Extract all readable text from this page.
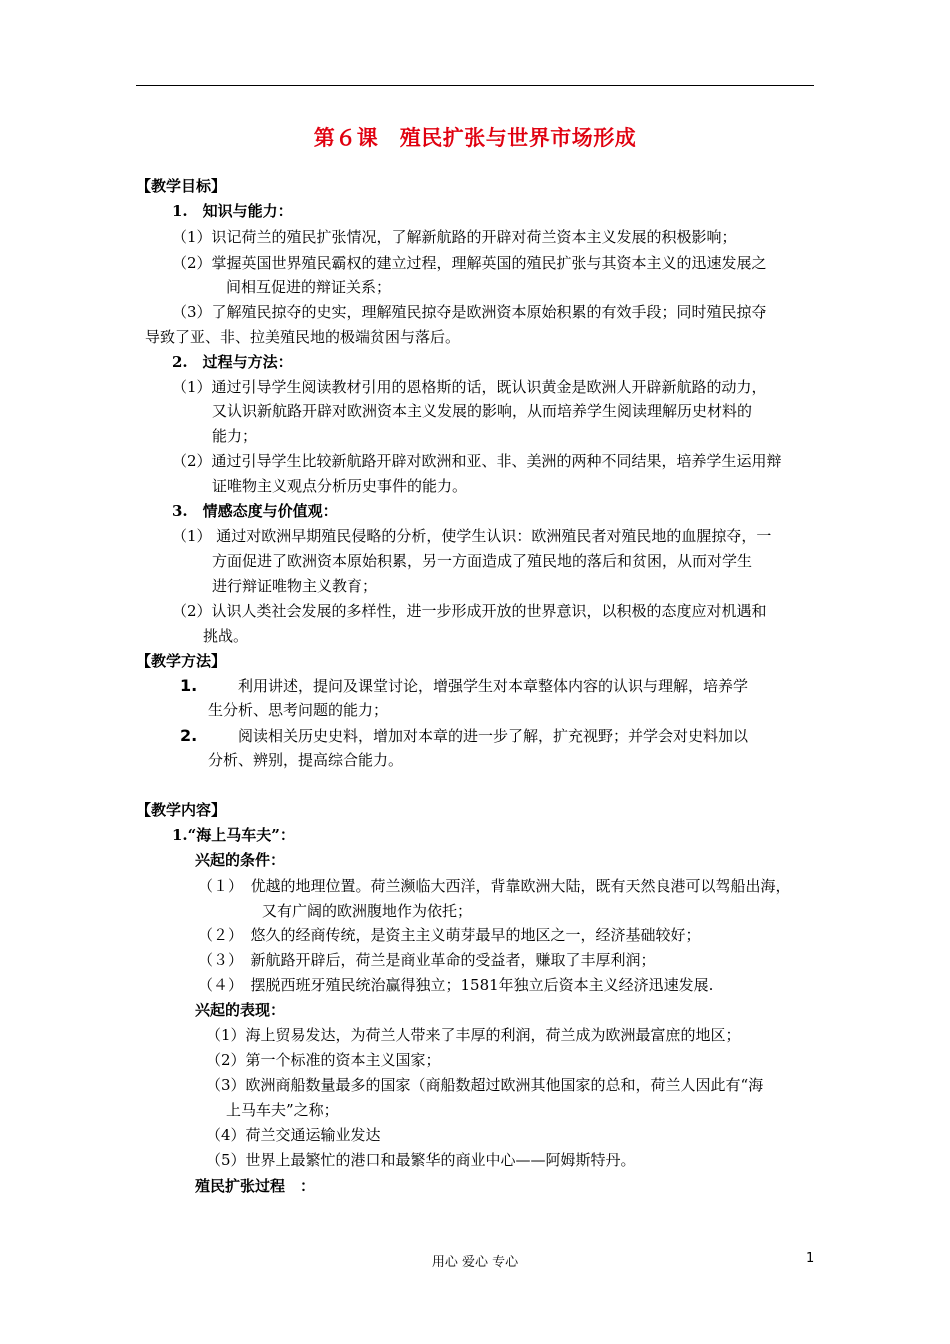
第６课　殖民扩张与世界市场形成
【教学目标】
1.　知识与能力：
（1）识记荷兰的殖民扩张情况，了解新航路的开辟对荷兰资本主义发展的积极影响；
（2）掌握英国世界殖民霸权的建立过程，理解英国的殖民扩张与其资本主义的迅速发展之
间相互促进的辩证关系；
（3）了解殖民掠夺的史实，理解殖民掠夺是欧洲资本原始积累的有效手段；同时殖民掠夺
导致了亚、非、拉美殖民地的极端贫困与落后。
2.　过程与方法：
（1）通过引导学生阅读教材引用的恩格斯的话，既认识黄金是欧洲人开辟新航路的动力，
又认识新航路开辟对欧洲资本主义发展的影响，从而培养学生阅读理解历史材料的
能力；
（2）通过引导学生比较新航路开辟对欧洲和亚、非、美洲的两种不同结果，培养学生运用辩
证唯物主义观点分析历史事件的能力。
3.　情感态度与价值观：
（1） 通过对欧洲早期殖民侵略的分析，使学生认识：欧洲殖民者对殖民地的血腥掠夺，一
方面促进了欧洲资本原始积累，另一方面造成了殖民地的落后和贫困，从而对学生
进行辩证唯物主义教育；
（2）认识人类社会发展的多样性，进一步形成开放的世界意识，以积极的态度应对机遇和
挑战。
【教学方法】
1.	利用讲述，提问及课堂讨论，增强学生对本章整体内容的认识与理解，培养学
生分析、思考问题的能力；
2.	阅读相关历史史料，增加对本章的进一步了解，扩充视野；并学会对史料加以
分析、辨别，提高综合能力。
【教学内容】
1.“海上马车夫”：
兴起的条件：
（１）　优越的地理位置。荷兰濒临大西洋，背靠欧洲大陆，既有天然良港可以驾船出海，
又有广阔的欧洲腹地作为依托；
（２）　悠久的经商传统，是资主主义萌芽最早的地区之一，经济基础较好；
（３）　新航路开辟后，荷兰是商业革命的受益者，赚取了丰厚利润；
（４）　摆脱西班牙殖民统治赢得独立；1581年独立后资本主义经济迅速发展.
兴起的表现：
（1）海上贸易发达，为荷兰人带来了丰厚的利润，荷兰成为欧洲最富庶的地区；
（2）第一个标准的资本主义国家；
（3）欧洲商船数量最多的国家（商船数超过欧洲其他国家的总和，荷兰人因此有“海
上马车夫”之称；
（4）荷兰交通运输业发达
（5）世界上最繁忙的港口和最繁华的商业中心——阿姆斯特丹。
殖民扩张过程　：
用心 爱心 专心	1
